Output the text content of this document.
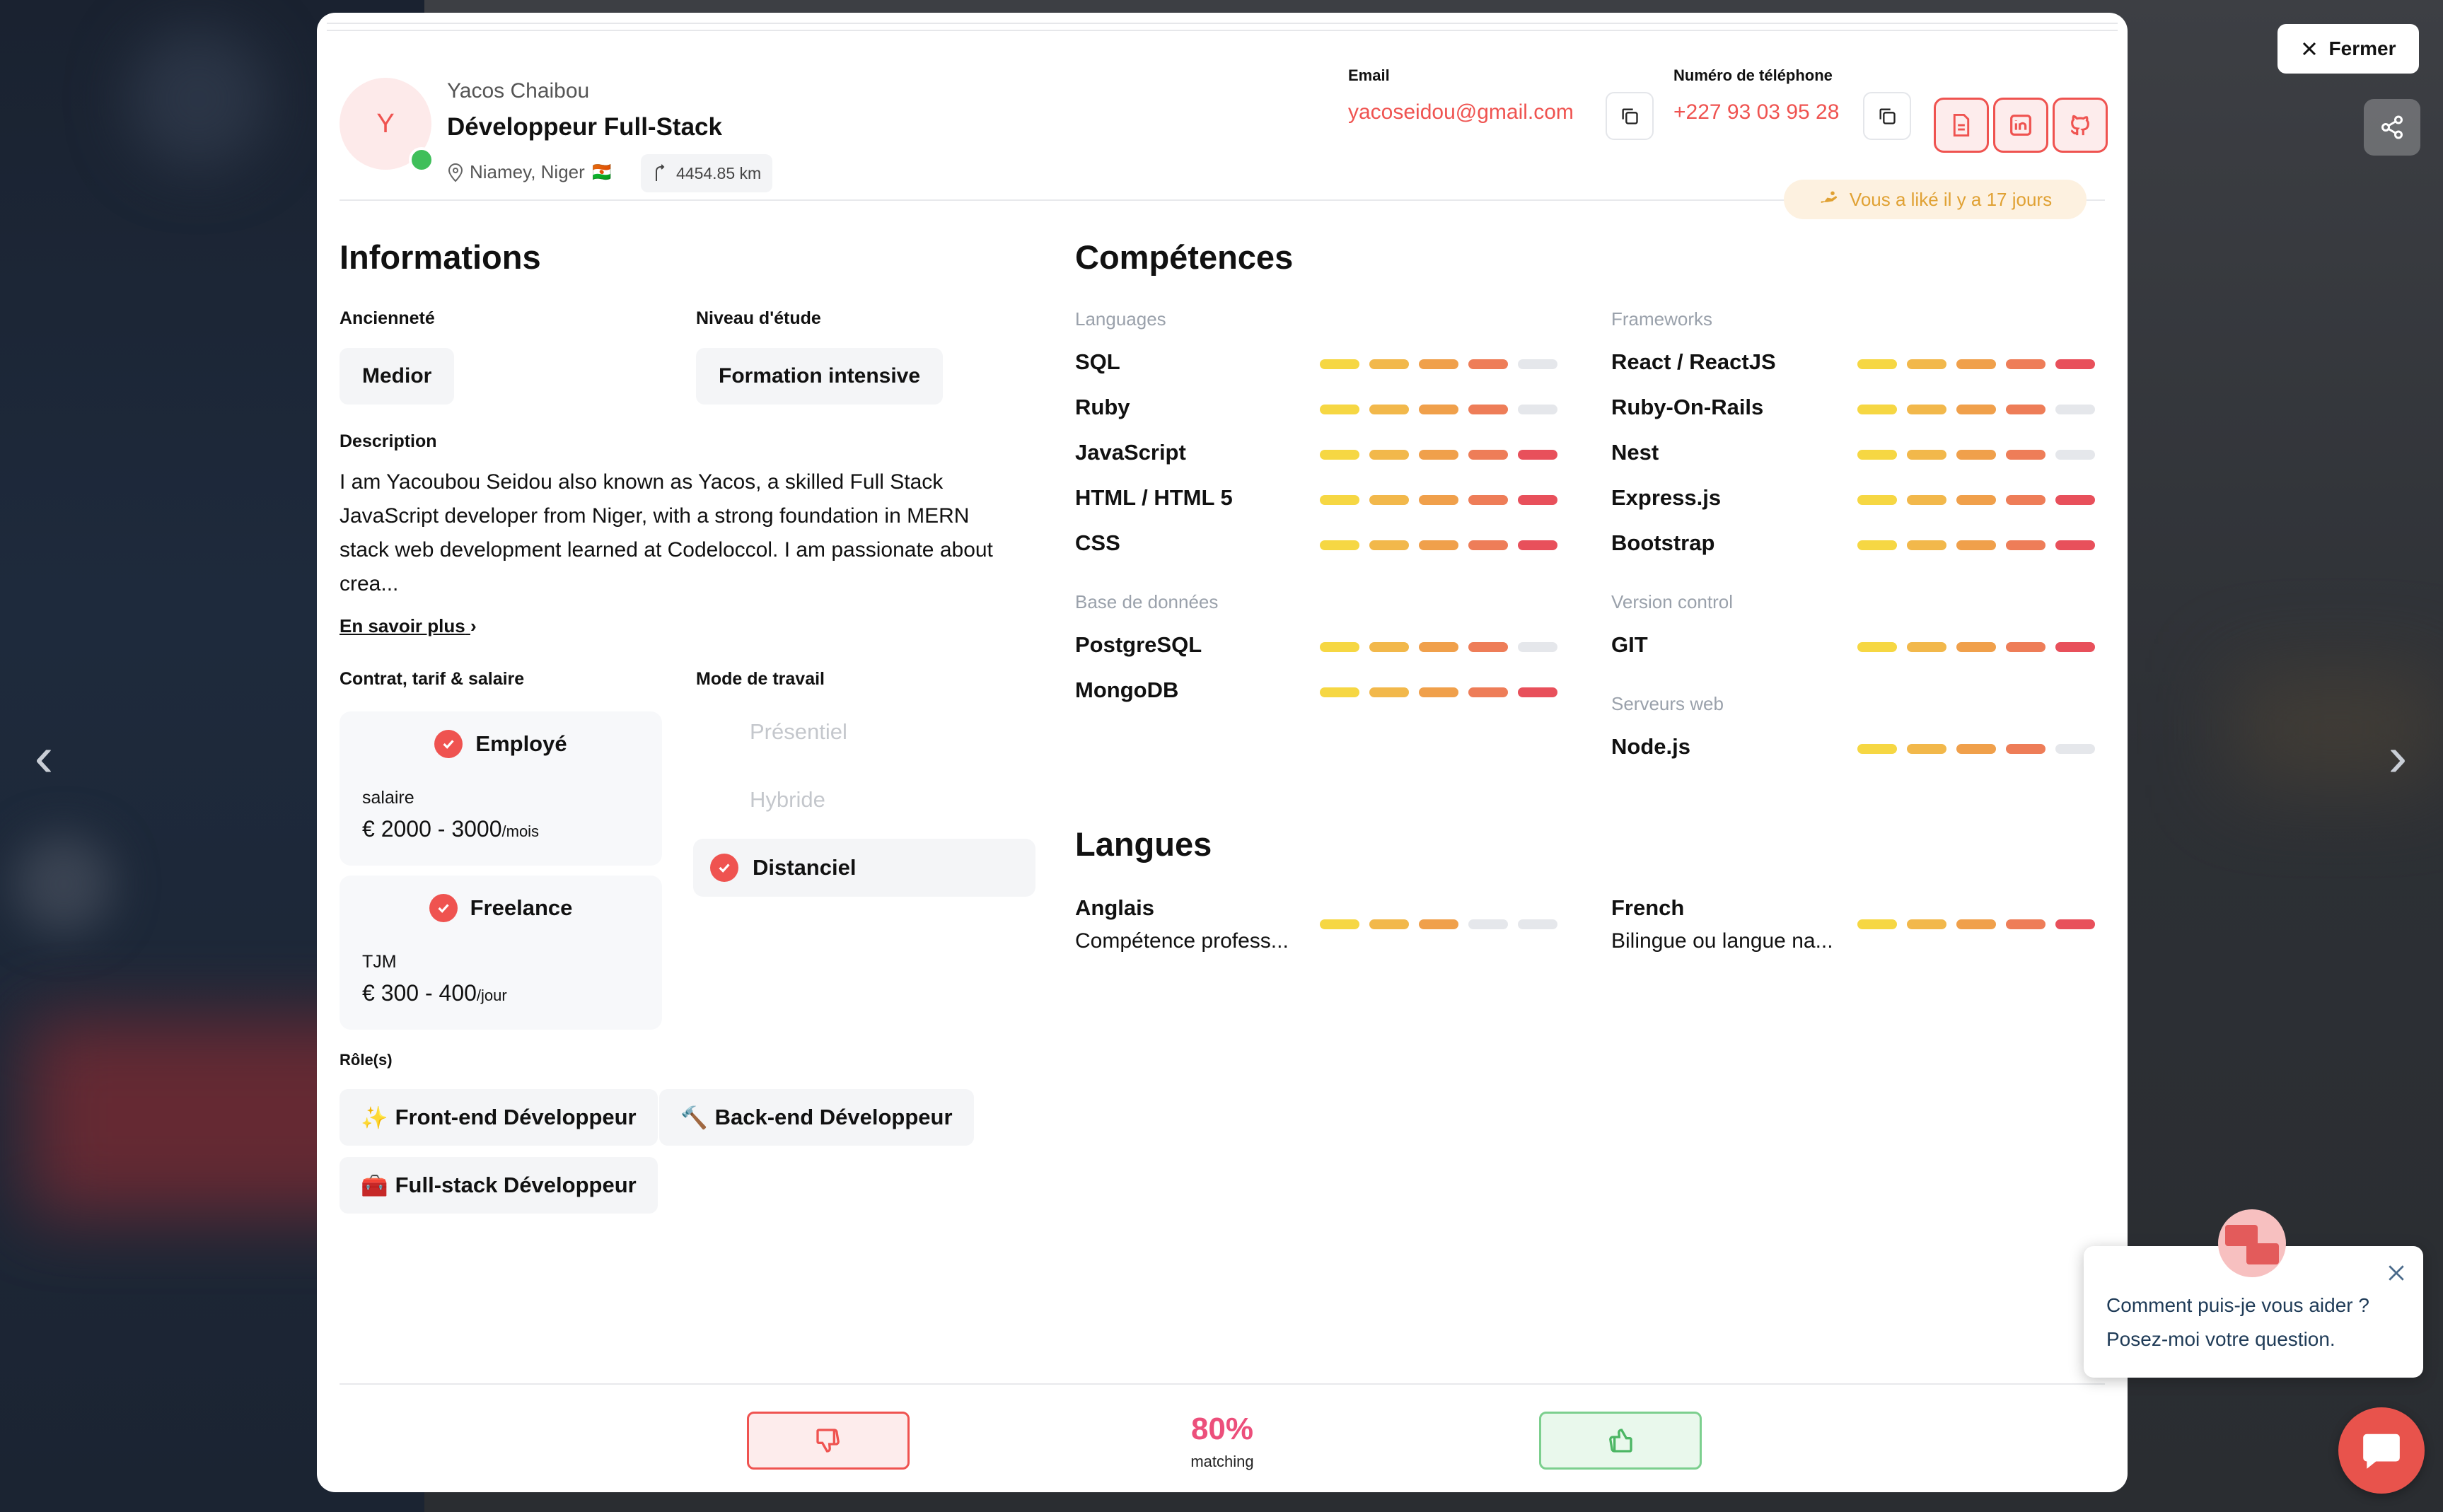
‹	›
Fermer
Y
Yacos Chaibou
Développeur Full-Stack
Niamey, Niger 🇳🇪	4454.85 km
Email
yacoseidou@gmail.com
Numéro de téléphone
+227 93 03 95 28
Vous a liké il y a 17 jours
Informations
Ancienneté
Medior
Niveau d'étude
Formation intensive
Description
I am Yacoubou Seidou also known as Yacos, a skilled Full Stack JavaScript developer from Niger, with a strong foundation in MERN stack web development learned at Codeloccol. I am passionate about crea...
En savoir plus ›
Contrat, tarif & salaire
Employé
salaire
€ 2000 - 3000/mois
Freelance
TJM
€ 300 - 400/jour
Mode de travail
Présentiel
Hybride
Distanciel
Rôle(s)
✨ Front-end Développeur 🔨 Back-end Développeur
🧰 Full-stack Développeur
Compétences
Languages
SQL
Ruby
JavaScript
HTML / HTML 5
CSS
Base de données
PostgreSQL
MongoDB
Frameworks
React / ReactJS
Ruby-On-Rails
Nest
Express.js
Bootstrap
Version control
GIT
Serveurs web
Node.js
Langues
Anglais
Compétence profess...
French
Bilingue ou langue na...
80%
matching
Comment puis-je vous aider ?
Posez-moi votre question.
